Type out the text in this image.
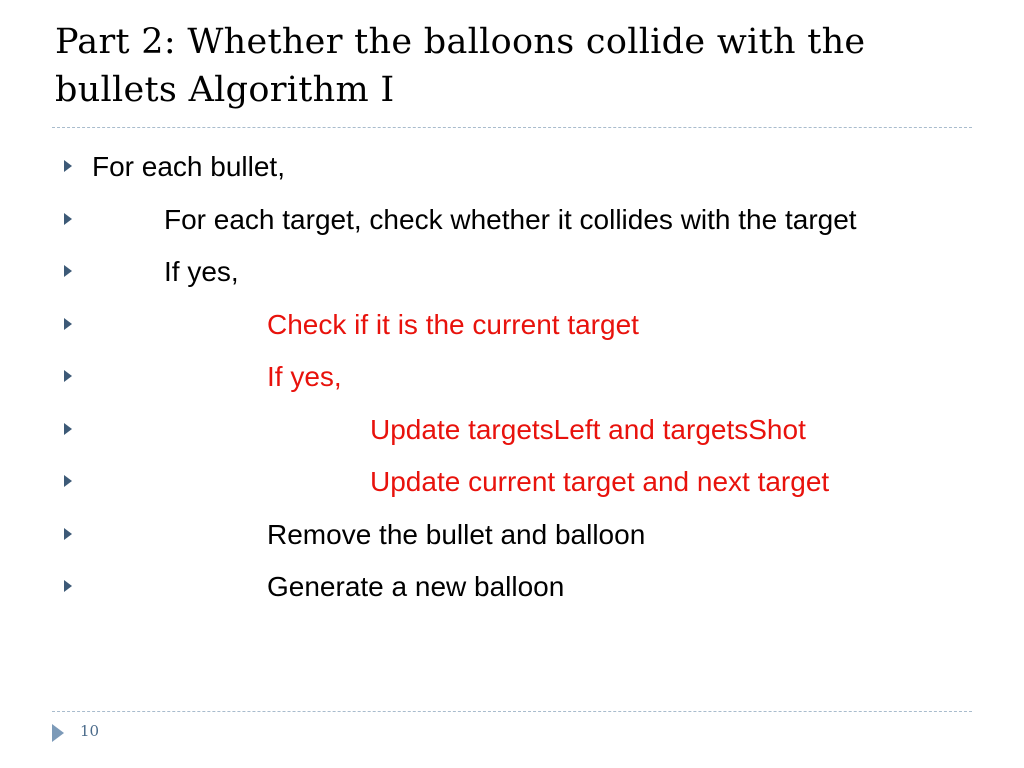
Part 2: Whether the balloons collide with the bullets Algorithm I
For each bullet,
For each target, check whether it collides with the target
If yes,
Check if it is the current target
If yes,
Update targetsLeft and targetsShot
Update current target and next target
Remove the bullet and balloon
Generate a new balloon
10
